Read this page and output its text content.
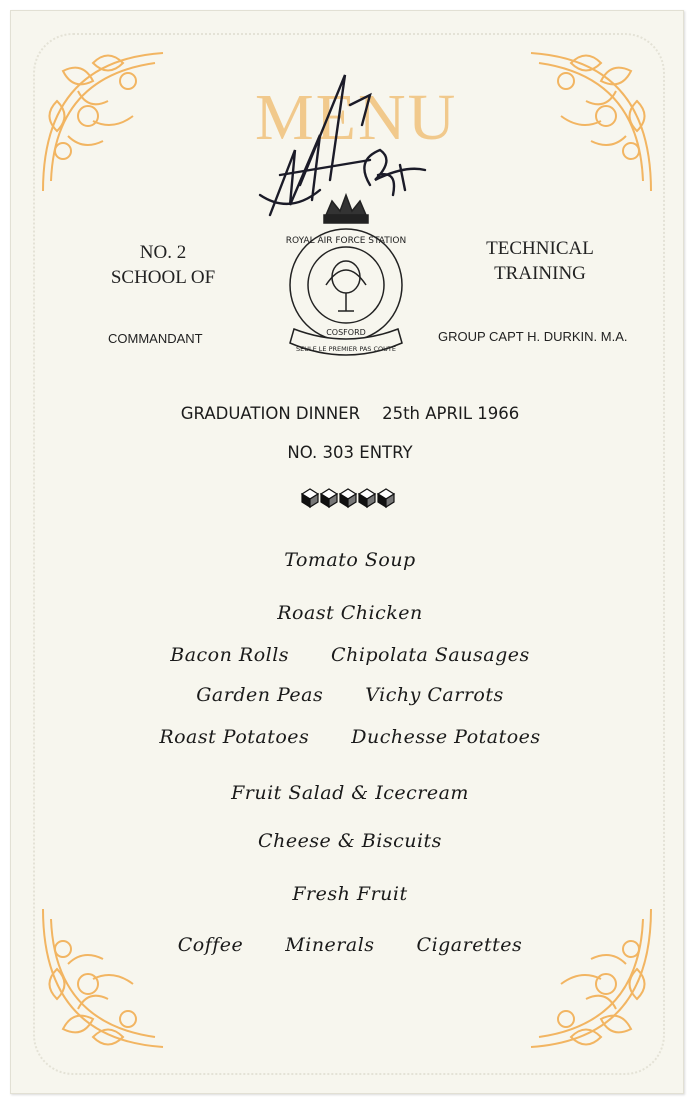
MENU
ROYAL AIR FORCE STATION
COSFORD
SEULE LE PREMIER PAS COUTE
NO. 2
SCHOOL OF
TECHNICAL
TRAINING
COMMANDANT	GROUP CAPT H. DURKIN. M.A.
GRADUATION DINNER 25th APRIL 1966
NO. 303 ENTRY
Tomato Soup
Roast Chicken
Bacon Rolls Chipolata Sausages
Garden Peas Vichy Carrots
Roast Potatoes Duchesse Potatoes
Fruit Salad & Icecream
Cheese & Biscuits
Fresh Fruit
Coffee Minerals Cigarettes
